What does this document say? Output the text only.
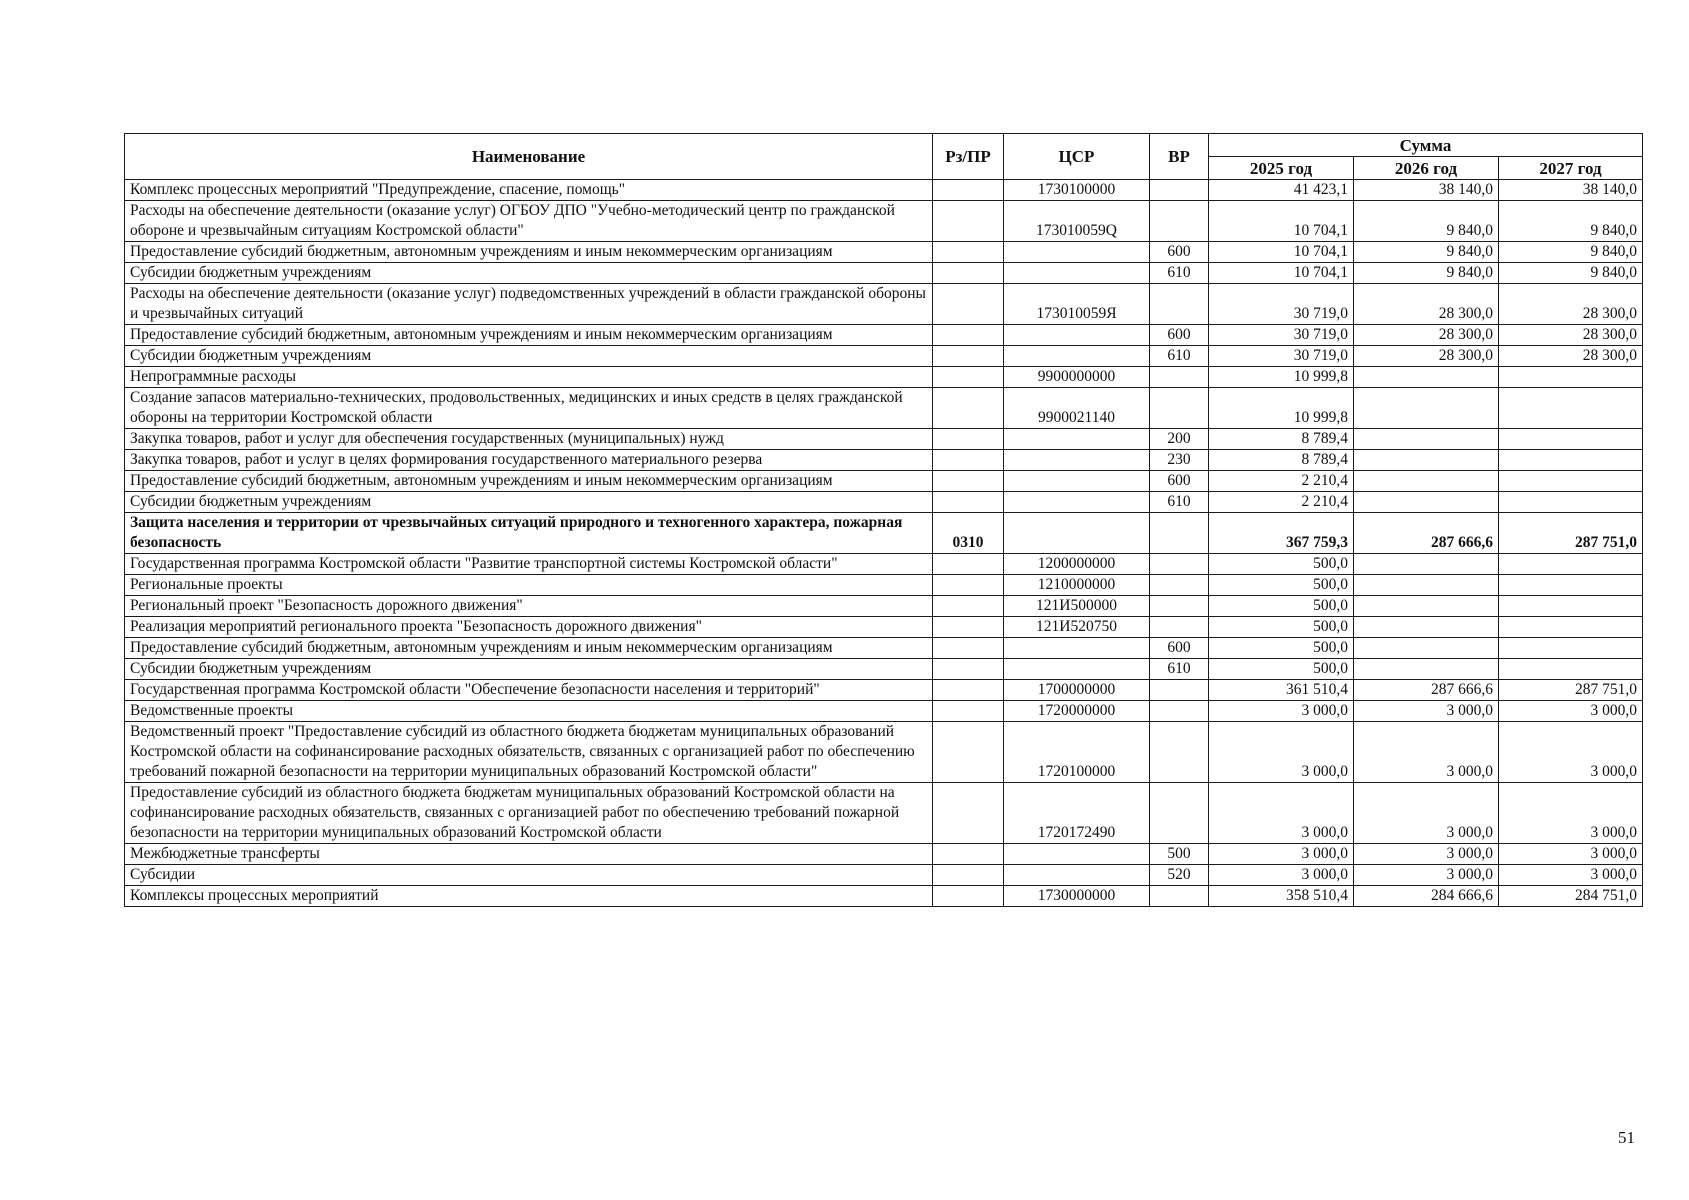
Наименование	Рз/ПР	ЦСР	ВР	Сумма		
				2025 год	2026 год	2027 год
Комплекс процессных мероприятий "Предупреждение, спасение, помощь"		1730100000		41 423,1	38 140,0	38 140,0
Расходы на обеспечение деятельности (оказание услуг) ОГБОУ ДПО "Учебно-методический центр по гражданской обороне и чрезвычайным ситуациям Костромской области"		173010059Q		10 704,1	9 840,0	9 840,0
Предоставление субсидий бюджетным, автономным учреждениям и иным некоммерческим организациям			600	10 704,1	9 840,0	9 840,0
Субсидии бюджетным учреждениям			610	10 704,1	9 840,0	9 840,0
Расходы на обеспечение деятельности (оказание услуг) подведомственных учреждений в области гражданской обороны и чрезвычайных ситуаций		173010059Я		30 719,0	28 300,0	28 300,0
Предоставление субсидий бюджетным, автономным учреждениям и иным некоммерческим организациям			600	30 719,0	28 300,0	28 300,0
Субсидии бюджетным учреждениям			610	30 719,0	28 300,0	28 300,0
Непрограммные расходы		9900000000		10 999,8		
Создание запасов материально-технических, продовольственных, медицинских и иных средств в целях гражданской обороны на территории Костромской области		9900021140		10 999,8		
Закупка товаров, работ и услуг для обеспечения государственных (муниципальных) нужд			200	8 789,4		
Закупка товаров, работ и услуг в целях формирования государственного материального резерва			230	8 789,4		
Предоставление субсидий бюджетным, автономным учреждениям и иным некоммерческим организациям			600	2 210,4		
Субсидии бюджетным учреждениям			610	2 210,4		
Защита населения и территории от чрезвычайных ситуаций природного и техногенного характера, пожарная безопасность	0310			367 759,3	287 666,6	287 751,0
Государственная программа Костромской области "Развитие транспортной системы Костромской области"		1200000000		500,0		
Региональные проекты		1210000000		500,0		
Региональный проект "Безопасность дорожного движения"		121И500000		500,0		
Реализация мероприятий регионального проекта "Безопасность дорожного движения"		121И520750		500,0		
Предоставление субсидий бюджетным, автономным учреждениям и иным некоммерческим организациям			600	500,0		
Субсидии бюджетным учреждениям			610	500,0		
Государственная программа Костромской области "Обеспечение безопасности населения и территорий"		1700000000		361 510,4	287 666,6	287 751,0
Ведомственные проекты		1720000000		3 000,0	3 000,0	3 000,0
Ведомственный проект "Предоставление субсидий из областного бюджета бюджетам муниципальных образований Костромской области на софинансирование расходных обязательств, связанных с организацией работ по обеспечению требований пожарной безопасности на территории муниципальных образований Костромской области"		1720100000		3 000,0	3 000,0	3 000,0
Предоставление субсидий из областного бюджета бюджетам муниципальных образований Костромской области на софинансирование расходных обязательств, связанных с организацией работ по обеспечению требований пожарной безопасности на территории муниципальных образований Костромской области		1720172490		3 000,0	3 000,0	3 000,0
Межбюджетные трансферты			500	3 000,0	3 000,0	3 000,0
Субсидии			520	3 000,0	3 000,0	3 000,0
Комплексы процессных мероприятий		1730000000		358 510,4	284 666,6	284 751,0
51
